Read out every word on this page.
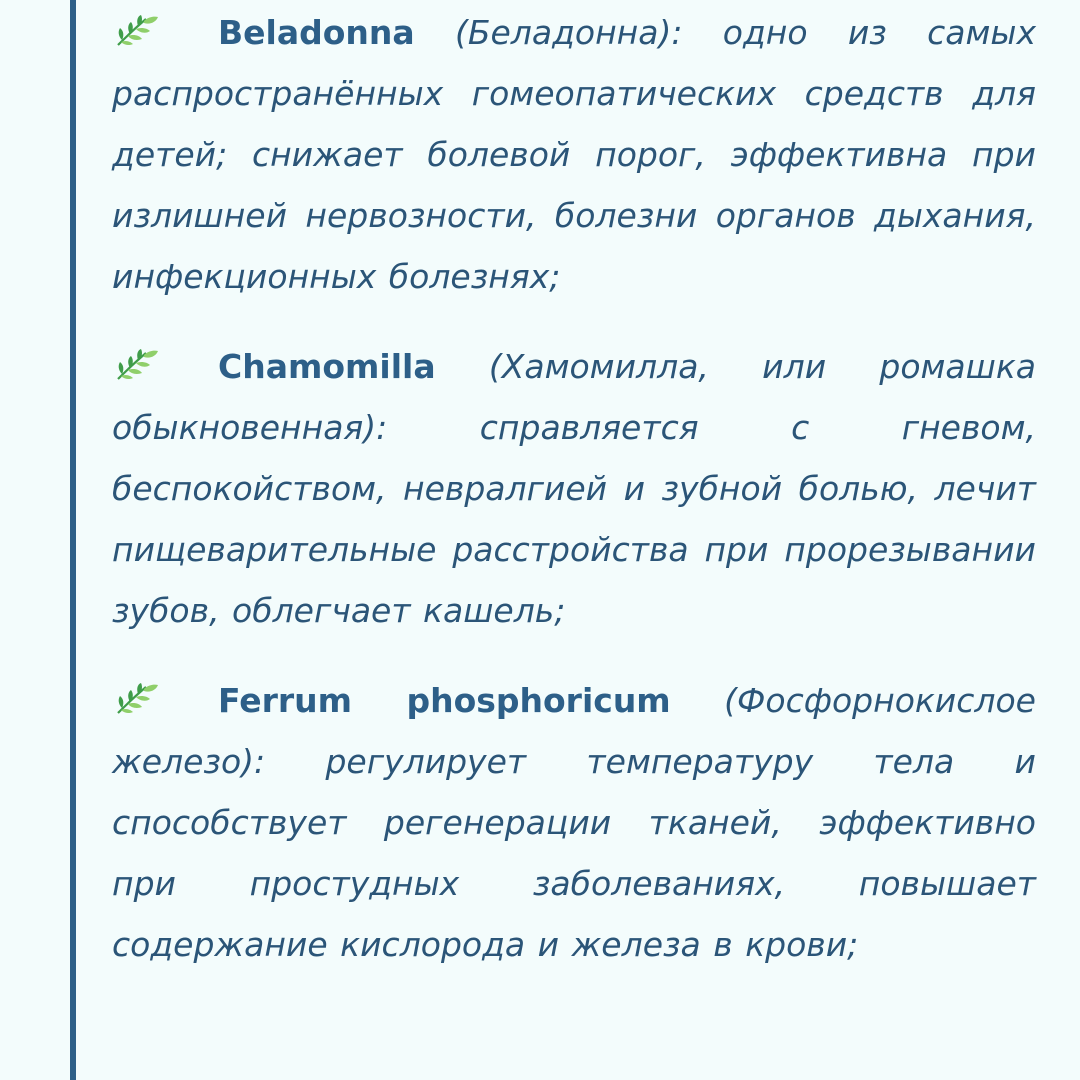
Beladonna (Беладонна): одно из самых распространённых гомеопатических средств для детей; снижает болевой порог, эффективна при излишней нервозности, болезни органов дыхания, инфекционных болезнях;

Chamomilla (Хамомилла, или ромашка обыкновенная): справляется с гневом, беспокойством, невралгией и зубной болью, лечит пищеварительные расстройства при прорезывании зубов, облегчает кашель;

Ferrum phosphoricum (Фосфорнокислое железо): регулирует температуру тела и способствует регенерации тканей, эффективно при простудных заболеваниях, повышает содержание кислорода и железа в крови;
